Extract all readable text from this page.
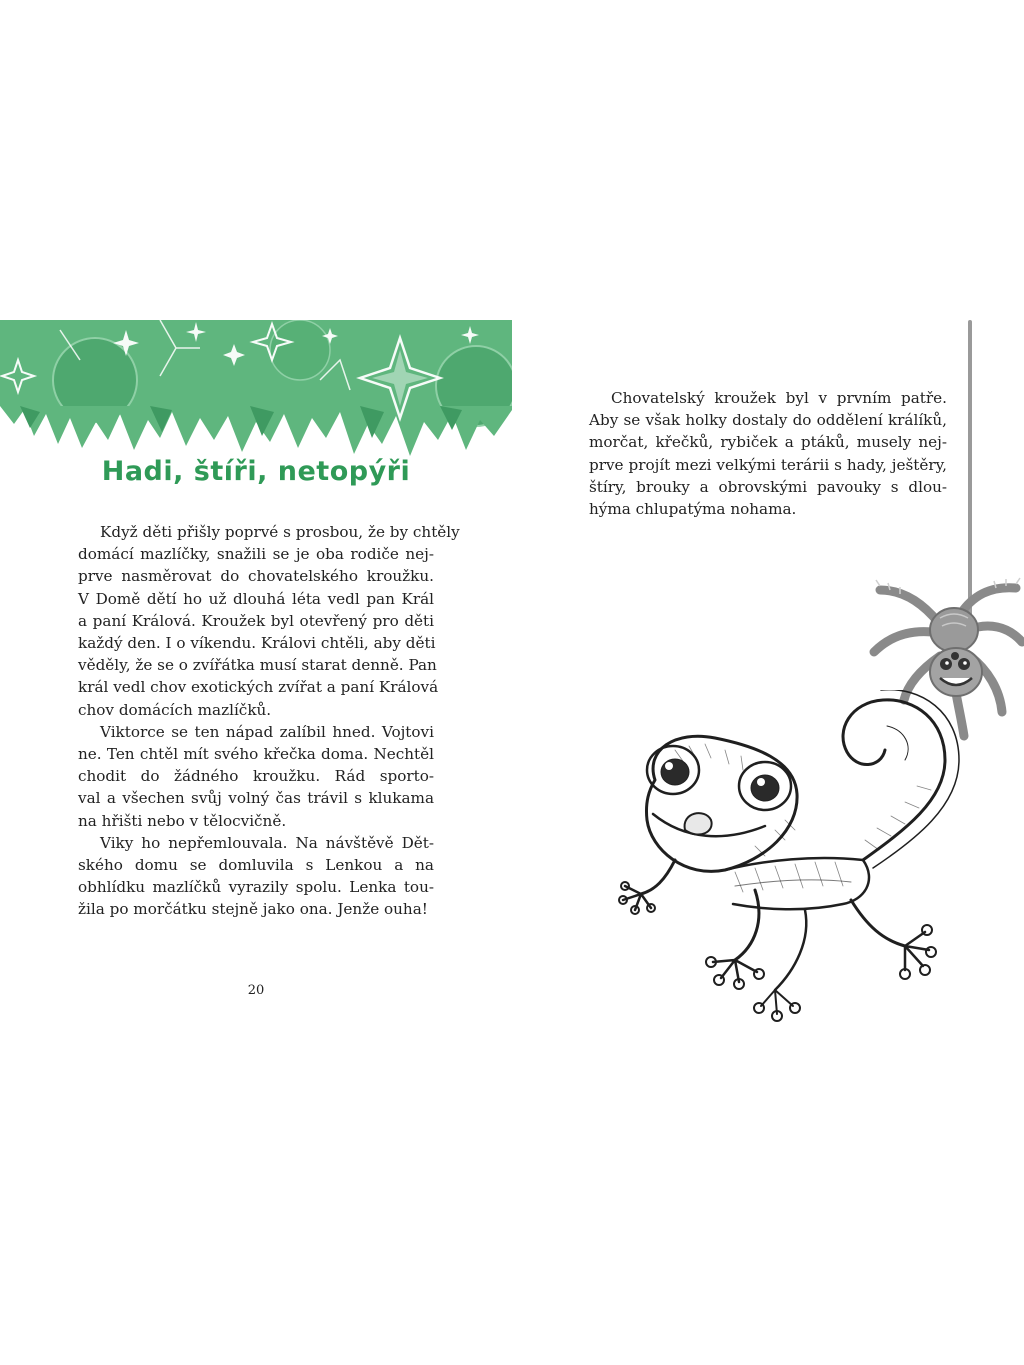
Hadi, štíři, netopýři
Když děti přišly poprvé s prosbou, že by chtěly
domácí mazlíčky, snažili se je oba rodiče nej-
prve nasměrovat do chovatelského kroužku.
V Domě dětí ho už dlouhá léta vedl pan Král
a paní Králová. Kroužek byl otevřený pro děti
každý den. I o víkendu. Královi chtěli, aby děti
věděly, že se o zvířátka musí starat denně. Pan
král vedl chov exotických zvířat a paní Králová
chov domácích mazlíčků.
Viktorce se ten nápad zalíbil hned. Vojtovi
ne. Ten chtěl mít svého křečka doma. Nechtěl
chodit do žádného kroužku. Rád sporto-
val a všechen svůj volný čas trávil s klukama
na hřišti nebo v tělocvičně.
Viky ho nepřemlouvala. Na návštěvě Dět-
ského domu se domluvila s Lenkou a na
obhlídku mazlíčků vyrazily spolu. Lenka tou-
žila po morčátku stejně jako ona. Jenže ouha!
20
Chovatelský kroužek byl v prvním patře.
Aby se však holky dostaly do oddělení králíků,
morčat, křečků, rybiček a ptáků, musely nej-
prve projít mezi velkými terárii s hady, ještěry,
štíry, brouky a obrovskými pavouky s dlou-
hýma chlupatýma nohama.
